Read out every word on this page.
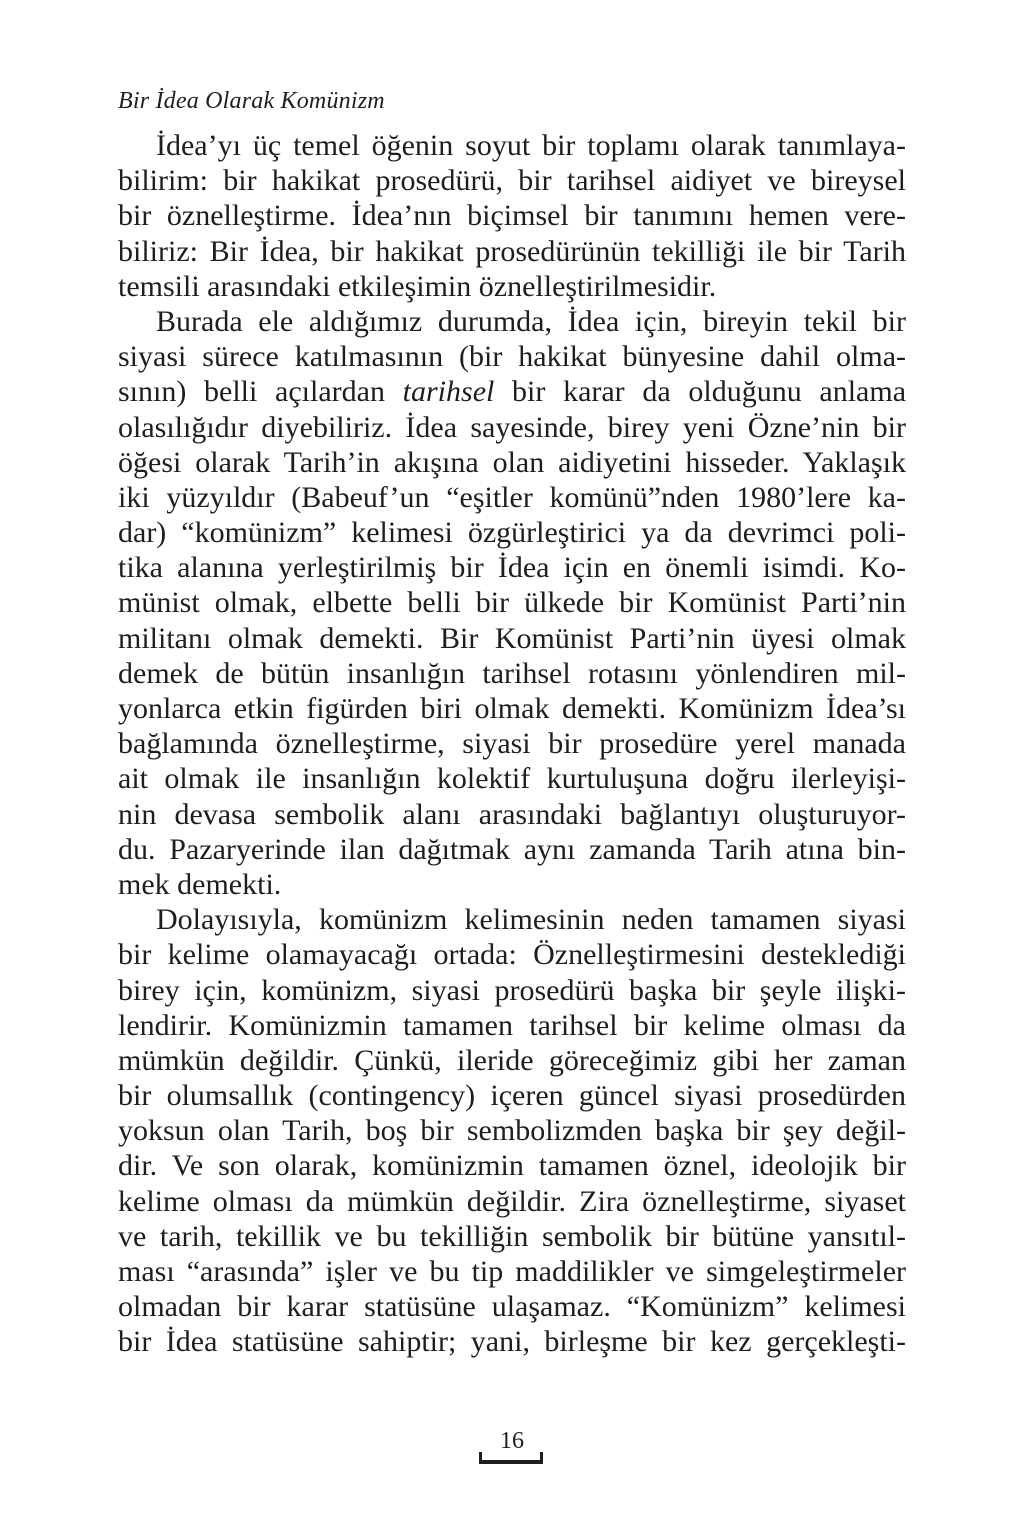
Bir İdea Olarak Komünizm
İdea’yı üç temel öğenin soyut bir toplamı olarak tanımlaya-
bilirim: bir hakikat prosedürü, bir tarihsel aidiyet ve bireysel
bir öznelleştirme. İdea’nın biçimsel bir tanımını hemen vere-
biliriz: Bir İdea, bir hakikat prosedürünün tekilliği ile bir Tarih
temsili arasındaki etkileşimin öznelleştirilmesidir.
Burada ele aldığımız durumda, İdea için, bireyin tekil bir
siyasi sürece katılmasının (bir hakikat bünyesine dahil olma-
sının) belli açılardan tarihsel bir karar da olduğunu anlama
olasılığıdır diyebiliriz. İdea sayesinde, birey yeni Özne’nin bir
öğesi olarak Tarih’in akışına olan aidiyetini hisseder. Yaklaşık
iki yüzyıldır (Babeuf’un “eşitler komünü”nden 1980’lere ka-
dar) “komünizm” kelimesi özgürleştirici ya da devrimci poli-
tika alanına yerleştirilmiş bir İdea için en önemli isimdi. Ko-
münist olmak, elbette belli bir ülkede bir Komünist Parti’nin
militanı olmak demekti. Bir Komünist Parti’nin üyesi olmak
demek de bütün insanlığın tarihsel rotasını yönlendiren mil-
yonlarca etkin figürden biri olmak demekti. Komünizm İdea’sı
bağlamında öznelleştirme, siyasi bir prosedüre yerel manada
ait olmak ile insanlığın kolektif kurtuluşuna doğru ilerleyişi-
nin devasa sembolik alanı arasındaki bağlantıyı oluşturuyor-
du. Pazaryerinde ilan dağıtmak aynı zamanda Tarih atına bin-
mek demekti.
Dolayısıyla, komünizm kelimesinin neden tamamen siyasi
bir kelime olamayacağı ortada: Öznelleştirmesini desteklediği
birey için, komünizm, siyasi prosedürü başka bir şeyle ilişki-
lendirir. Komünizmin tamamen tarihsel bir kelime olması da
mümkün değildir. Çünkü, ileride göreceğimiz gibi her zaman
bir olumsallık (contingency) içeren güncel siyasi prosedürden
yoksun olan Tarih, boş bir sembolizmden başka bir şey değil-
dir. Ve son olarak, komünizmin tamamen öznel, ideolojik bir
kelime olması da mümkün değildir. Zira öznelleştirme, siyaset
ve tarih, tekillik ve bu tekilliğin sembolik bir bütüne yansıtıl-
ması “arasında” işler ve bu tip maddilikler ve simgeleştirmeler
olmadan bir karar statüsüne ulaşamaz. “Komünizm” kelimesi
bir İdea statüsüne sahiptir; yani, birleşme bir kez gerçekleşti-
16
